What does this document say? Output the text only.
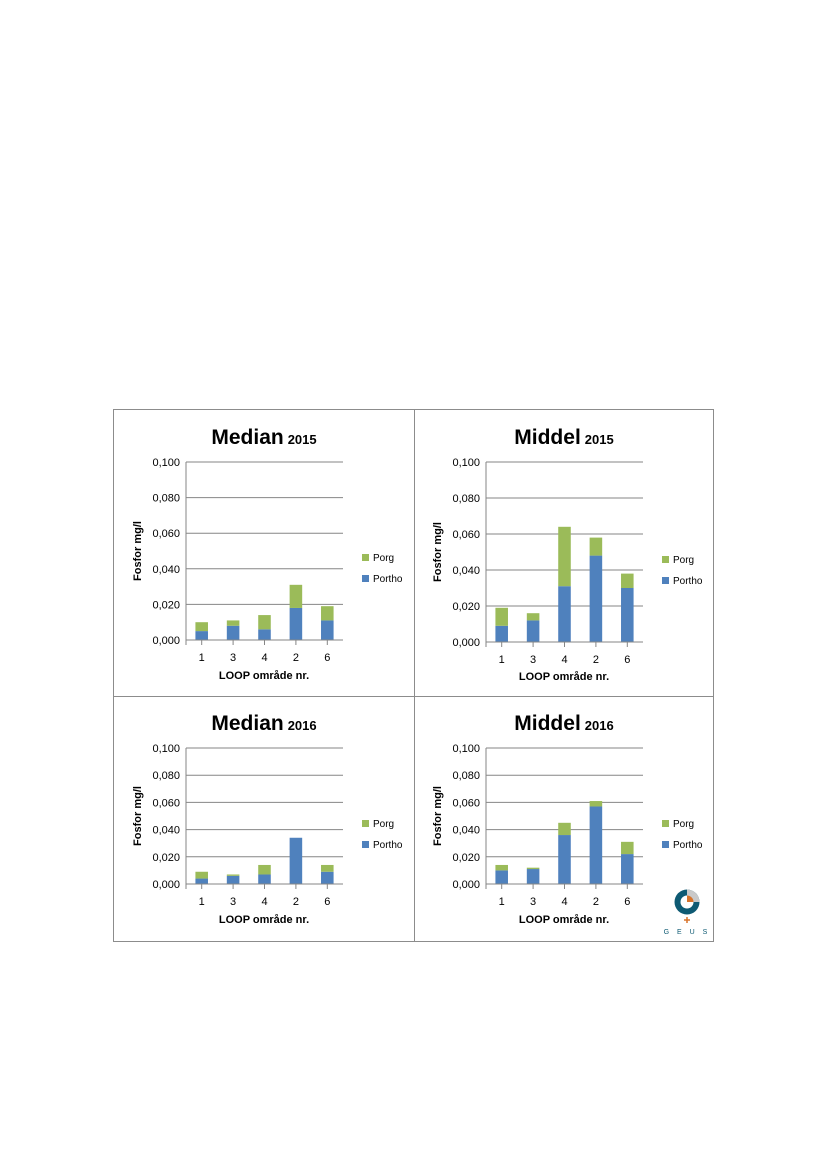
Median 2015
0,000
0,020
0,040
0,060
0,080
0,100
1 3 4 2 6
LOOP område nr.
Fosfor mg/l	Porg
Portho
Middel 2015
0,000
0,020
0,040
0,060
0,080
0,100
1 3 4 2 6
LOOP område nr.
Fosfor mg/l	Porg
Portho
Median 2016
0,000
0,020
0,040
0,060
0,080
0,100
1 3 4 2 6
LOOP område nr.
Fosfor mg/l	Porg
Portho
Middel 2016
0,000
0,020
0,040
0,060
0,080
0,100
1 3 4 2 6
LOOP område nr.
Fosfor mg/l	Porg
Portho
G E U S
